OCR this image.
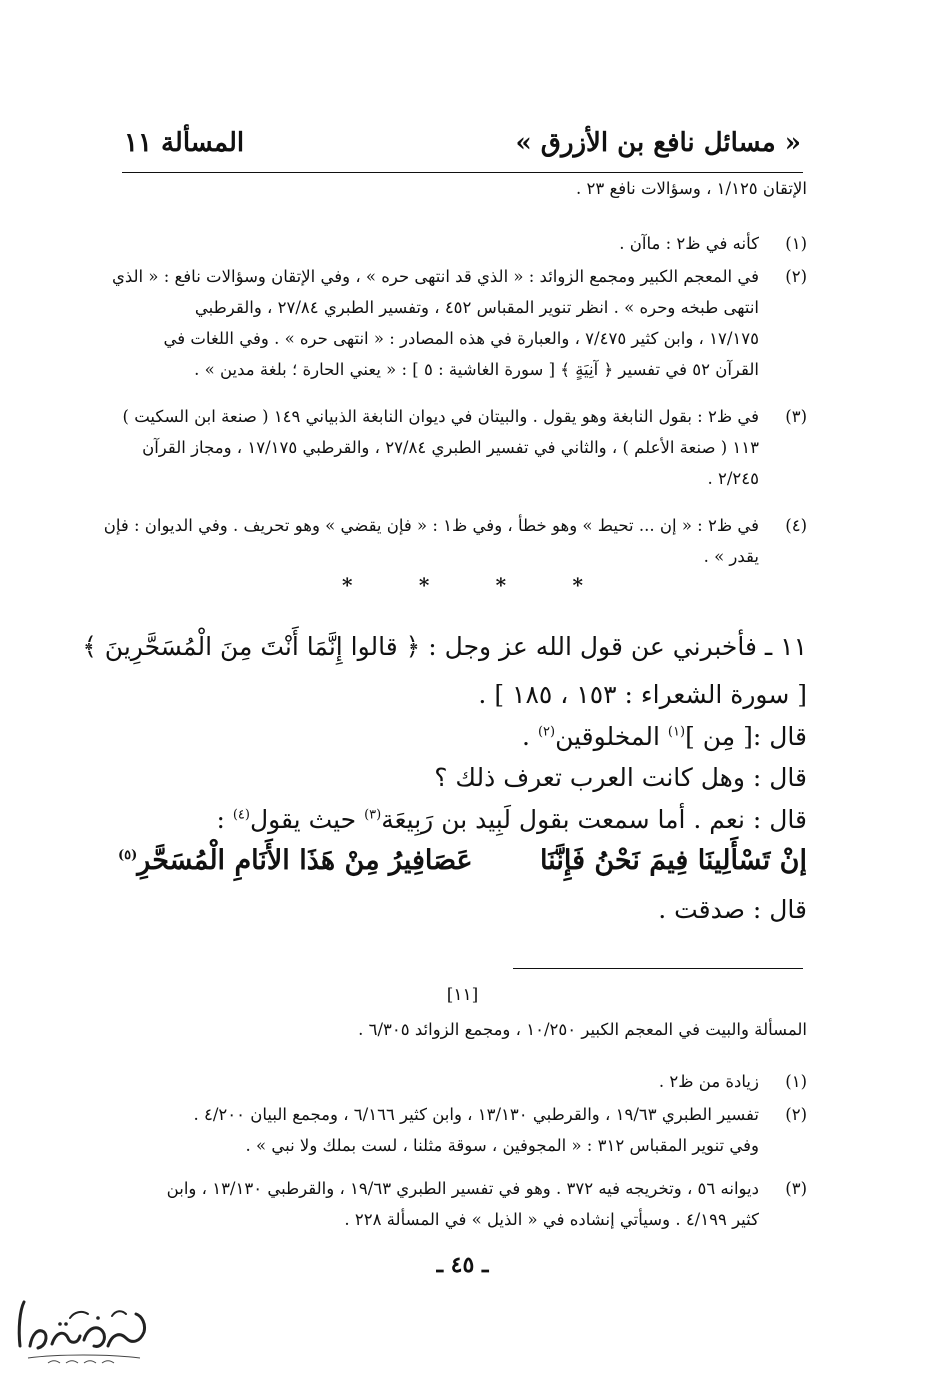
« مسائل نافع بن الأزرق »
المسألة ١١
الإتقان ١/١٢٥ ، وسؤالات نافع ٢٣ .
(١)
كأنه في ظ٢ : ماآن .
(٢)
في المعجم الكبير ومجمع الزوائد : « الذي قد انتهى حره » ، وفي الإتقان وسؤالات نافع : « الذي
انتهى طبخه وحره » . انظر تنوير المقباس ٤٥٢ ، وتفسير الطبري ٢٧/٨٤ ، والقرطبي
١٧/١٧٥ ، وابن كثير ٧/٤٧٥ ، والعبارة في هذه المصادر : « انتهى حره » . وفي اللغات في
القرآن ٥٢ في تفسير ﴿ آنِيَةٍ ﴾ [ سورة الغاشية : ٥ ] : « يعني الحارة ؛ بلغة مدين » .
(٣)
في ظ٢ : بقول النابغة وهو يقول . والبيتان في ديوان النابغة الذبياني ١٤٩ ( صنعة ابن السكيت )
١١٣ ( صنعة الأعلم ) ، والثاني في تفسير الطبري ٢٧/٨٤ ، والقرطبي ١٧/١٧٥ ، ومجاز القرآن
٢/٢٤٥ .
(٤)
في ظ٢ : « إن ... تحيط » وهو خطأ ، وفي ظ١ : « فإن يقضي » وهو تحريف . وفي الديوان : فإن
يقدر » .
* * * *
١١ ـ فأخبرني عن قول الله عز وجل : ﴿ قالوا إِنَّمَا أَنْتَ مِنَ الْمُسَحَّرِينَ ﴾
[ سورة الشعراء : ١٥٣ ، ١٨٥ ] .
قال :[ مِن ]$^{(١)}$ المخلوقين$^{(٢)}$ .
قال : وهل كانت العرب تعرف ذلك ؟
قال : نعم . أما سمعت بقول لَبِيد بن رَبِيعَة$^{(٣)}$ حيث يقول$^{(٤)}$ :
قال : صدقت .
إنْ تَسْأَلِينَا فِيمَ نَحْنُ فَإِنَّنَا
عَصَافِيرُ مِنْ هَذَا الأَنَامِ الْمُسَحَّرِ$^{(٥)}$
[١١]
المسألة والبيت في المعجم الكبير ١٠/٢٥٠ ، ومجمع الزوائد ٦/٣٠٥ .
(١)
زيادة من ظ٢ .
(٢)
تفسير الطبري ١٩/٦٣ ، والقرطبي ١٣/١٣٠ ، وابن كثير ٦/١٦٦ ، ومجمع البيان ٤/٢٠٠ .
وفي تنوير المقباس ٣١٢ : « المجوفين ، سوقة مثلنا ، لست بملك ولا نبي » .
(٣)
ديوانه ٥٦ ، وتخريجه فيه ٣٧٢ . وهو في تفسير الطبري ١٩/٦٣ ، والقرطبي ١٣/١٣٠ ، وابن
كثير ٤/١٩٩ . وسيأتي إنشاده في « الذيل » في المسألة ٢٢٨ .
ـ ٤٥ ـ
